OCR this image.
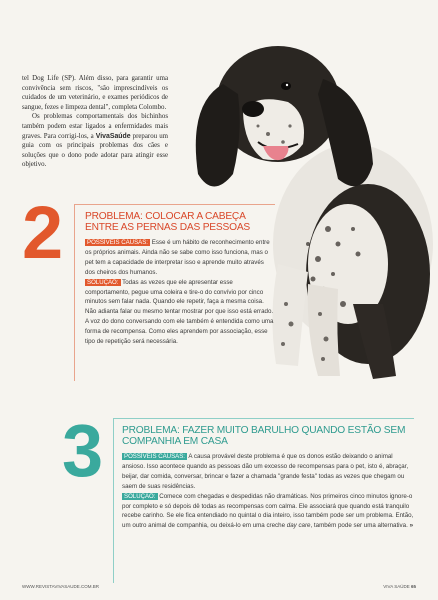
tel Dog Life (SP). Além disso, para garantir uma convivência sem riscos, "são imprescindíveis os cuidados de um veterinário, e exames periódicos de sangue, fezes e limpeza dental", completa Colombo.

Os problemas comportamentais dos bichinhos também podem estar ligados a enfermidades mais graves. Para corrigi-los, a VivaSaúde preparou um guia com os principais problemas dos cães e soluções que o dono pode adotar para atingir esse objetivo.

2 PROBLEMA: COLOCAR A CABEÇA ENTRE AS PERNAS DAS PESSOAS

POSSÍVEIS CAUSAS: Esse é um hábito de reconhecimento entre os próprios animais. Ainda não se sabe como isso funciona, mas o pet tem a capacidade de interpretar isso e aprende muito através dos cheiros dos humanos.

SOLUÇÃO: Todas as vezes que ele apresentar esse comportamento, pegue uma coleira e tire-o do convívio por cinco minutos sem falar nada. Quando ele repetir, faça a mesma coisa. Não adianta falar ou mesmo tentar mostrar por que isso está errado. A voz do dono conversando com ele também é entendida como uma forma de recompensa. Como eles aprendem por associação, esse tipo de repetição será necessária.

3 PROBLEMA: FAZER MUITO BARULHO QUANDO ESTÃO SEM COMPANHIA EM CASA

POSSÍVEIS CAUSAS: A causa provável deste problema é que os donos estão deixando o animal ansioso. Isso acontece quando as pessoas dão um excesso de recompensas para o pet, isto é, abraçar, beijar, dar comida, conversar, brincar e fazer a chamada "grande festa" todas as vezes que chegam ou saem de suas residências.

SOLUÇÃO: Comece com chegadas e despedidas não dramáticas. Nos primeiros cinco minutos ignore-o por completo e só depois dê todas as recompensas com calma. Ele associará que quando está tranquilo recebe carinho. Se ele fica entendiado no quintal o dia inteiro, isso também pode ser um problema. Então, um outro animal de companhia, ou deixá-lo em uma creche day care, também pode ser uma alternativa. »

WWW.REVISTAVIVASAUDE.COM.BR	VIVA SAÚDE 65
